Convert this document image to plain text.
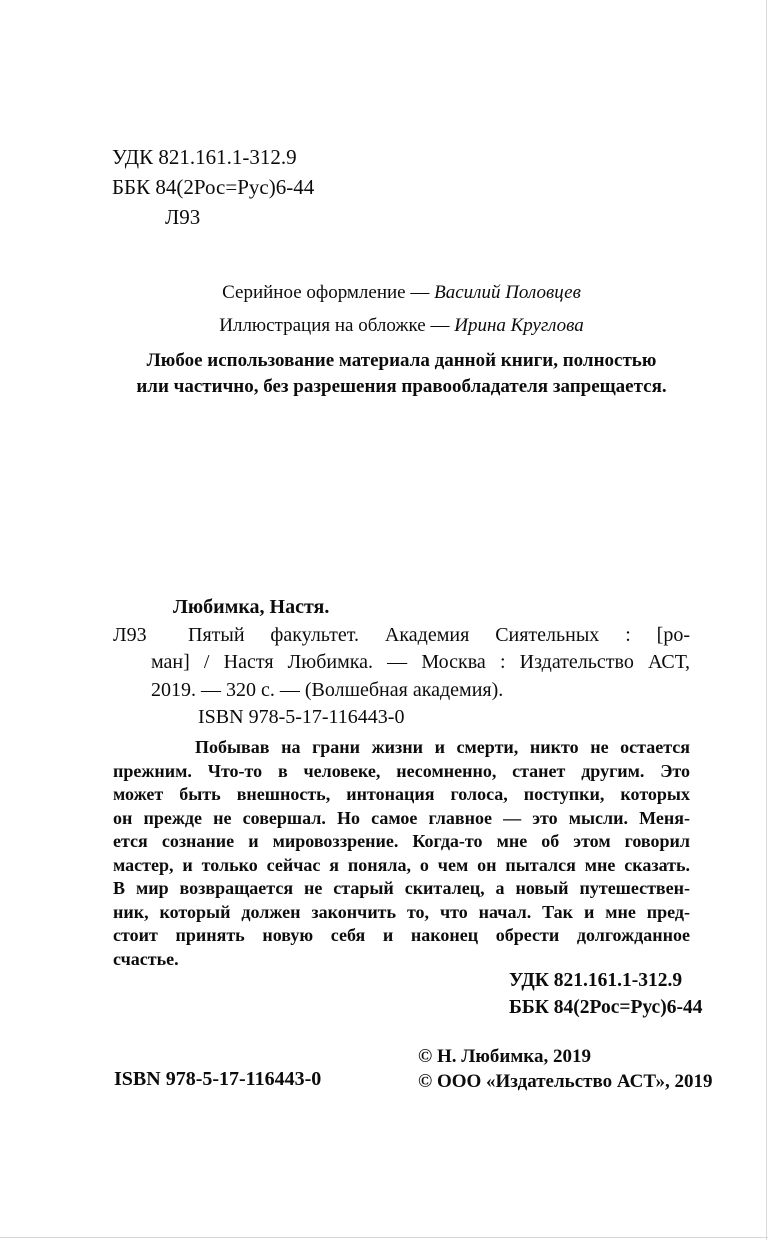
УДК 821.161.1-312.9
ББК 84(2Рос=Рус)6-44
Л93
Серийное оформление — Василий Половцев
Иллюстрация на обложке — Ирина Круглова
Любое использование материала данной книги, полностью
или частично, без разрешения правообладателя запрещается.
Л93
Любимка, Настя.
Пятый факультет. Академия Сиятельных : [ро-
ман] / Настя Любимка. — Москва : Издательство АСТ,
2019. — 320 с. — (Волшебная академия).
ISBN 978-5-17-116443-0
Побывав на грани жизни и смерти, никто не остается
прежним. Что-то в человеке, несомненно, станет другим. Это
может быть внешность, интонация голоса, поступки, которых
он прежде не совершал. Но самое главное — это мысли. Меня-
ется сознание и мировоззрение. Когда-то мне об этом говорил
мастер, и только сейчас я поняла, о чем он пытался мне сказать.
В мир возвращается не старый скиталец, а новый путешествен-
ник, который должен закончить то, что начал. Так и мне пред-
стоит принять новую себя и наконец обрести долгожданное
счастье.
УДК 821.161.1-312.9
ББК 84(2Рос=Рус)6-44
© Н. Любимка, 2019
© ООО «Издательство АСТ», 2019
ISBN 978-5-17-116443-0
